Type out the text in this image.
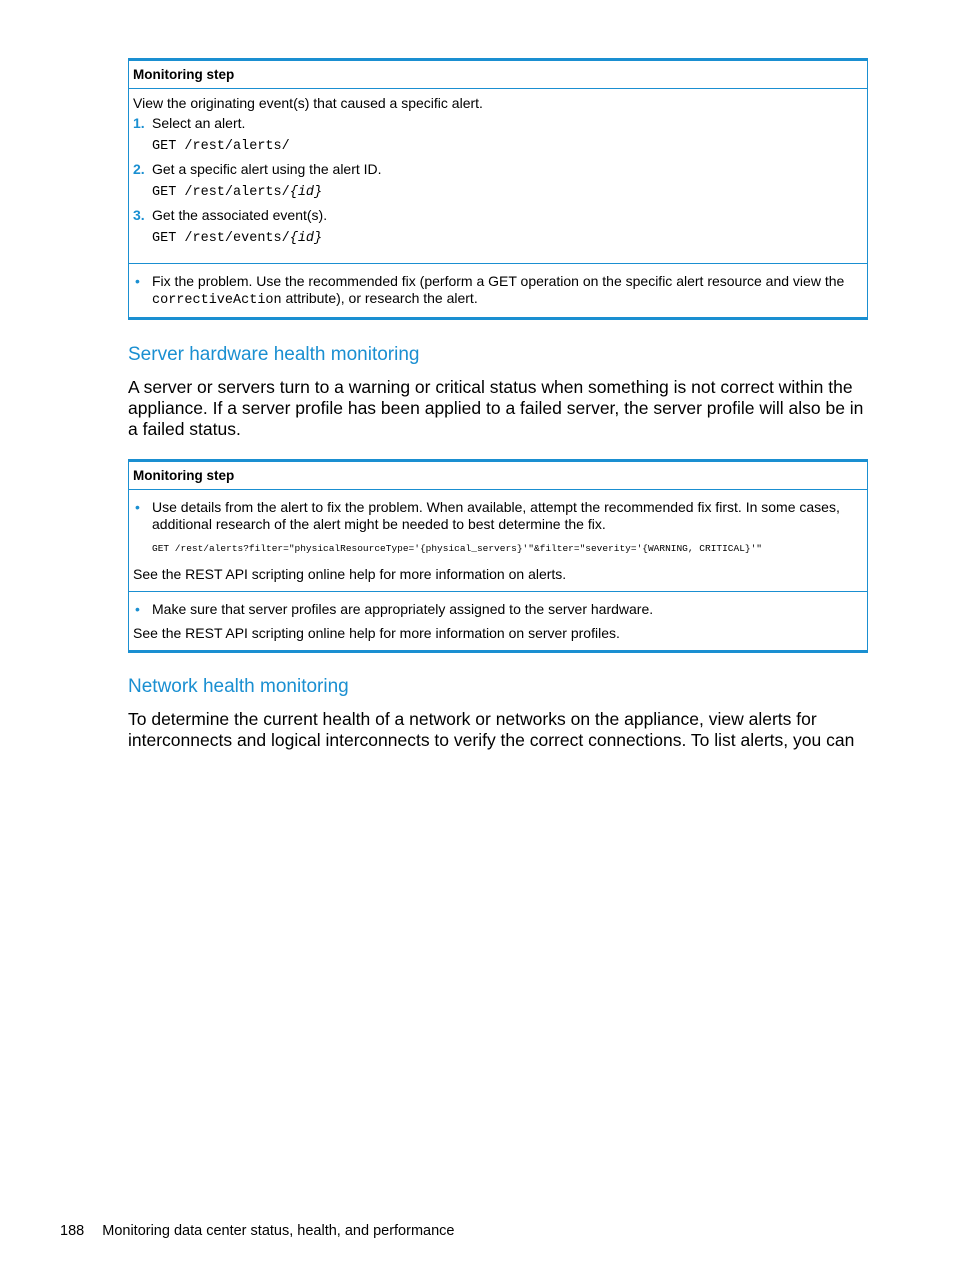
Monitoring step
View the originating event(s) that caused a specific alert.
1. Select an alert.
GET /rest/alerts/
2. Get a specific alert using the alert ID.
GET /rest/alerts/{id}
3. Get the associated event(s).
GET /rest/events/{id}
• Fix the problem. Use the recommended fix (perform a GET operation on the specific alert resource and view the
correctiveAction attribute), or research the alert.
Server hardware health monitoring

A server or servers turn to a warning or critical status when something is not correct within the appliance. If a server profile has been applied to a failed server, the server profile will also be in a failed status.

Monitoring step
• Use details from the alert to fix the problem. When available, attempt the recommended fix first. In some cases, additional research of the alert might be needed to best determine the fix.
GET /rest/alerts?filter="physicalResourceType='{physical_servers}'"&filter="severity='{WARNING, CRITICAL}'"
See the REST API scripting online help for more information on alerts.
• Make sure that server profiles are appropriately assigned to the server hardware.
See the REST API scripting online help for more information on server profiles.
Network health monitoring

To determine the current health of a network or networks on the appliance, view alerts for interconnects and logical interconnects to verify the correct connections. To list alerts, you can

188 Monitoring data center status, health, and performance
